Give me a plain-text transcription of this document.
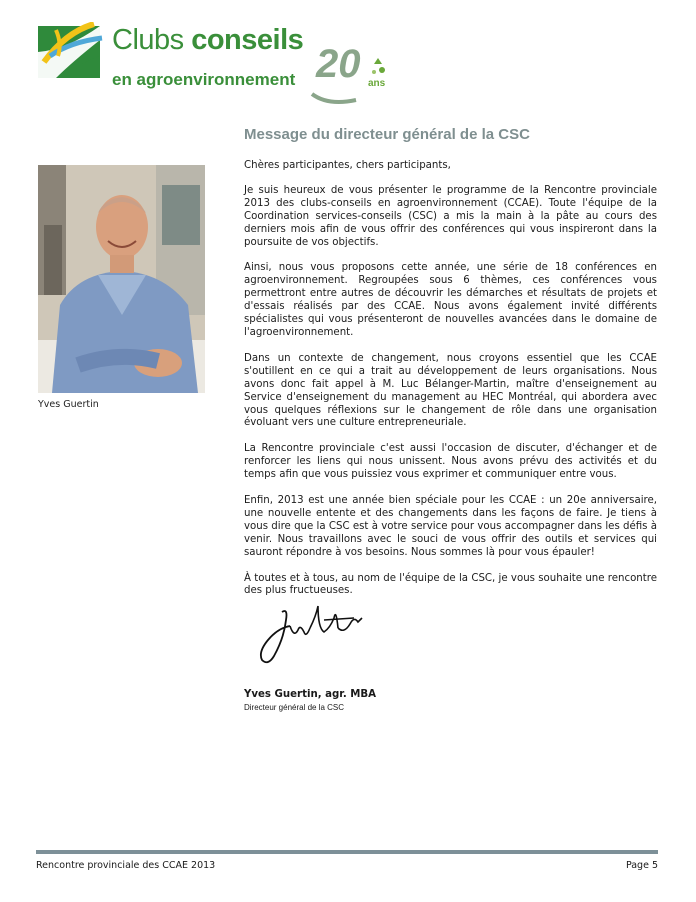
Clubs conseils
en agroenvironnement 20 ans
Message du directeur général de la CSC
Yves Guertin

Chères participantes, chers participants,

Je suis heureux de vous présenter le programme de la Rencontre provinciale 2013 des clubs-conseils en agroenvironnement (CCAE). Toute l'équipe de la Coordination services-conseils (CSC) a mis la main à la pâte au cours des derniers mois afin de vous offrir des conférences qui vous inspireront dans la poursuite de vos objectifs.

Ainsi, nous vous proposons cette année, une série de 18 conférences en agroenvironnement. Regroupées sous 6 thèmes, ces conférences vous permettront entre autres de découvrir les démarches et résultats de projets et d'essais réalisés par des CCAE. Nous avons également invité différents spécialistes qui vous présenteront de nouvelles avancées dans le domaine de l'agroenvironnement.

Dans un contexte de changement, nous croyons essentiel que les CCAE s'outillent en ce qui a trait au développement de leurs organisations. Nous avons donc fait appel à M. Luc Bélanger-Martin, maître d'enseignement au Service d'enseignement du management au HEC Montréal, qui abordera avec vous quelques réflexions sur le changement de rôle dans une organisation évoluant vers une culture entrepreneuriale.

La Rencontre provinciale c'est aussi l'occasion de discuter, d'échanger et de renforcer les liens qui nous unissent. Nous avons prévu des activités et du temps afin que vous puissiez vous exprimer et communiquer entre vous.

Enfin, 2013 est une année bien spéciale pour les CCAE : un 20e anniversaire, une nouvelle entente et des changements dans les façons de faire. Je tiens à vous dire que la CSC est à votre service pour vous accompagner dans les défis à venir. Nous travaillons avec le souci de vous offrir des outils et services qui sauront répondre à vos besoins. Nous sommes là pour vous épauler!

À toutes et à tous, au nom de l'équipe de la CSC, je vous souhaite une rencontre des plus fructueuses.

Yves Guertin, agr. MBA
Directeur général de la CSC
Rencontre provinciale des CCAE 2013	Page 5
